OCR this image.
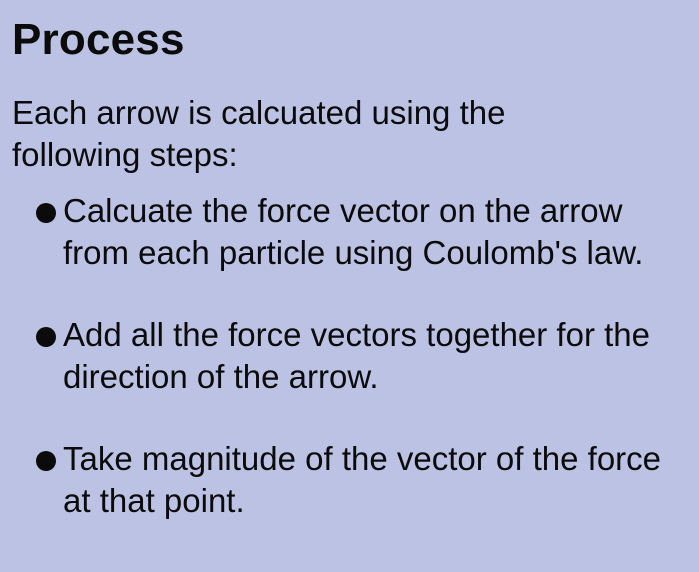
Process

Each arrow is calcuated using the following steps:

Calcuate the force vector on the arrow from each particle using Coulomb's law.
Add all the force vectors together for the direction of the arrow.
Take magnitude of the vector of the force at that point.
